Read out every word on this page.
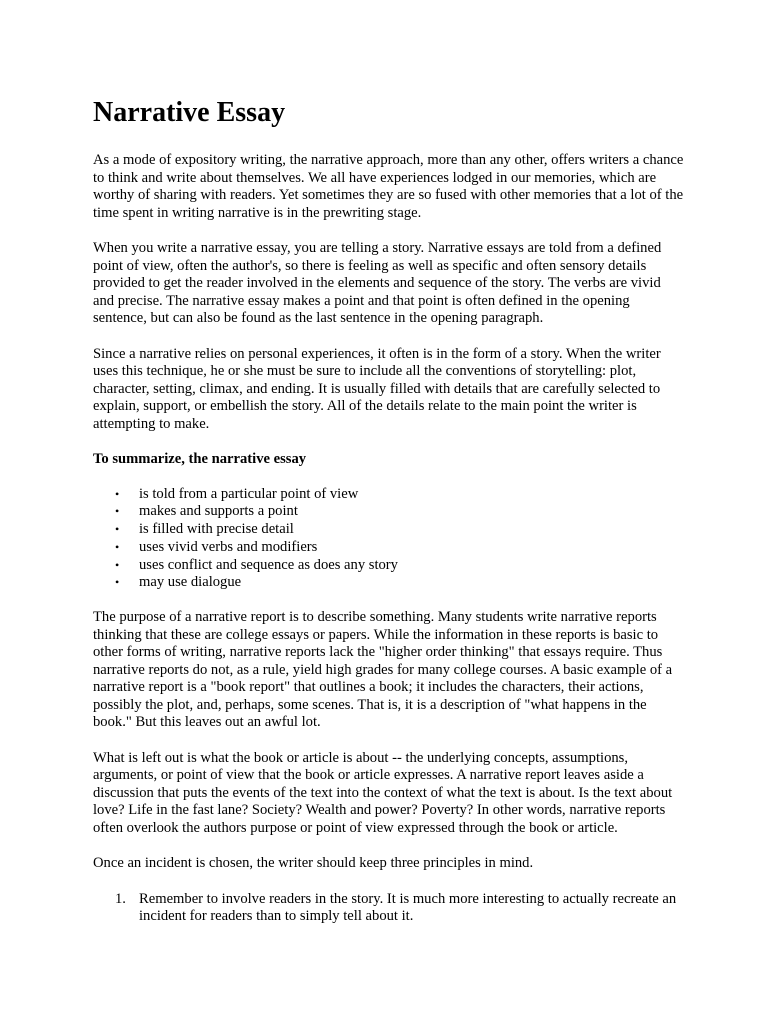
Narrative Essay

As a mode of expository writing, the narrative approach, more than any other, offers writers a chance to think and write about themselves. We all have experiences lodged in our memories, which are worthy of sharing with readers. Yet sometimes they are so fused with other memories that a lot of the time spent in writing narrative is in the prewriting stage.

When you write a narrative essay, you are telling a story. Narrative essays are told from a defined point of view, often the author's, so there is feeling as well as specific and often sensory details provided to get the reader involved in the elements and sequence of the story. The verbs are vivid and precise. The narrative essay makes a point and that point is often defined in the opening sentence, but can also be found as the last sentence in the opening paragraph.

Since a narrative relies on personal experiences, it often is in the form of a story. When the writer uses this technique, he or she must be sure to include all the conventions of storytelling: plot, character, setting, climax, and ending. It is usually filled with details that are carefully selected to explain, support, or embellish the story. All of the details relate to the main point the writer is attempting to make.

To summarize, the narrative essay

• is told from a particular point of view
• makes and supports a point
• is filled with precise detail
• uses vivid verbs and modifiers
• uses conflict and sequence as does any story
• may use dialogue

The purpose of a narrative report is to describe something. Many students write narrative reports thinking that these are college essays or papers. While the information in these reports is basic to other forms of writing, narrative reports lack the "higher order thinking" that essays require. Thus narrative reports do not, as a rule, yield high grades for many college courses. A basic example of a narrative report is a "book report" that outlines a book; it includes the characters, their actions, possibly the plot, and, perhaps, some scenes. That is, it is a description of "what happens in the book." But this leaves out an awful lot.

What is left out is what the book or article is about -- the underlying concepts, assumptions, arguments, or point of view that the book or article expresses. A narrative report leaves aside a discussion that puts the events of the text into the context of what the text is about. Is the text about love? Life in the fast lane? Society? Wealth and power? Poverty? In other words, narrative reports often overlook the authors purpose or point of view expressed through the book or article.

Once an incident is chosen, the writer should keep three principles in mind.

1. Remember to involve readers in the story. It is much more interesting to actually recreate an incident for readers than to simply tell about it.
